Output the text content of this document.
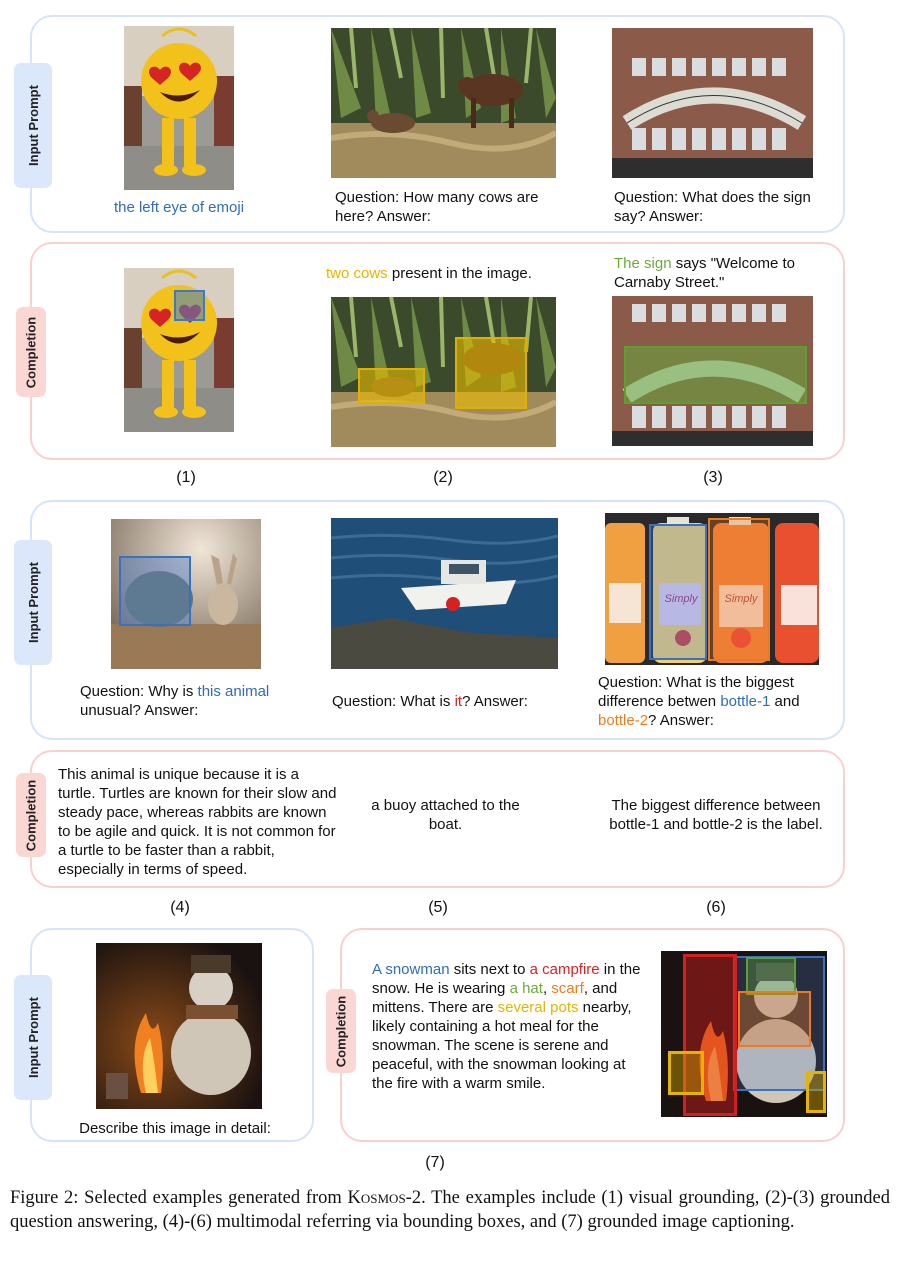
Input Prompt
the left eye of emoji
Question: How many cows are here? Answer:
Question: What does the sign say? Answer:
Completion
two cows present in the image.
The sign says "Welcome to Carnaby Street."
(1)	(2)	(3)
Input Prompt
Question: Why is this animal unusual? Answer:
Question: What is it? Answer:
Simply	Simply
Question: What is the biggest difference betwen bottle-1 and bottle-2? Answer:
Completion
This animal is unique because it is a turtle. Turtles are known for their slow and steady pace, whereas rabbits are known to be agile and quick. It is not common for a turtle to be faster than a rabbit, especially in terms of speed.
a buoy attached to the boat.
The biggest difference between bottle-1 and bottle-2 is the label.
(4)	(5)	(6)
Input Prompt
Describe this image in detail:
Completion
A snowman sits next to a campfire in the snow. He is wearing a hat, scarf, and mittens. There are several pots nearby, likely containing a hot meal for the snowman. The scene is serene and peaceful, with the snowman looking at the fire with a warm smile.
(7)
Figure 2: Selected examples generated from Kosmos-2. The examples include (1) visual grounding, (2)-(3) grounded question answering, (4)-(6) multimodal referring via bounding boxes, and (7) grounded image captioning.
